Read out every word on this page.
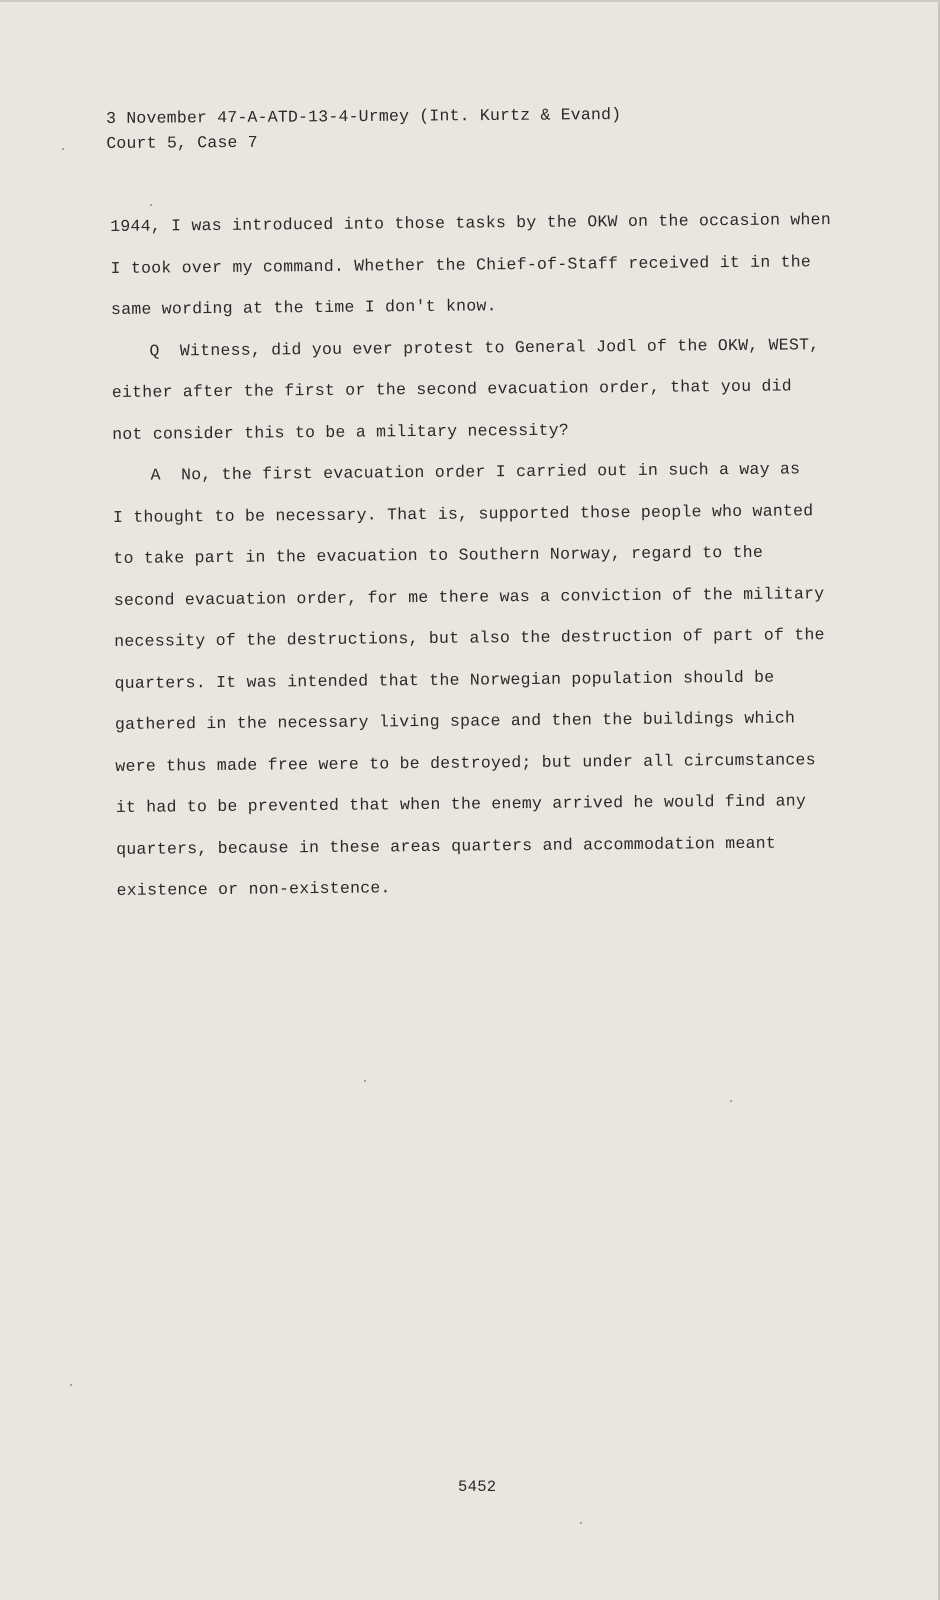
3 November 47-A-ATD-13-4-Urmey (Int. Kurtz & Evand)
Court 5, Case 7
1944, I was introduced into those tasks by the OKW on the occasion when
I took over my command. Whether the Chief-of-Staff received it in the
same wording at the time I don't know.
Q  Witness, did you ever protest to General Jodl of the OKW, WEST,
either after the first or the second evacuation order, that you did
not consider this to be a military necessity?
A  No, the first evacuation order I carried out in such a way as
I thought to be necessary. That is, supported those people who wanted
to take part in the evacuation to Southern Norway, regard to the
second evacuation order, for me there was a conviction of the military
necessity of the destructions, but also the destruction of part of the
quarters. It was intended that the Norwegian population should be
gathered in the necessary living space and then the buildings which
were thus made free were to be destroyed; but under all circumstances
it had to be prevented that when the enemy arrived he would find any
quarters, because in these areas quarters and accommodation meant
existence or non-existence.
5452
